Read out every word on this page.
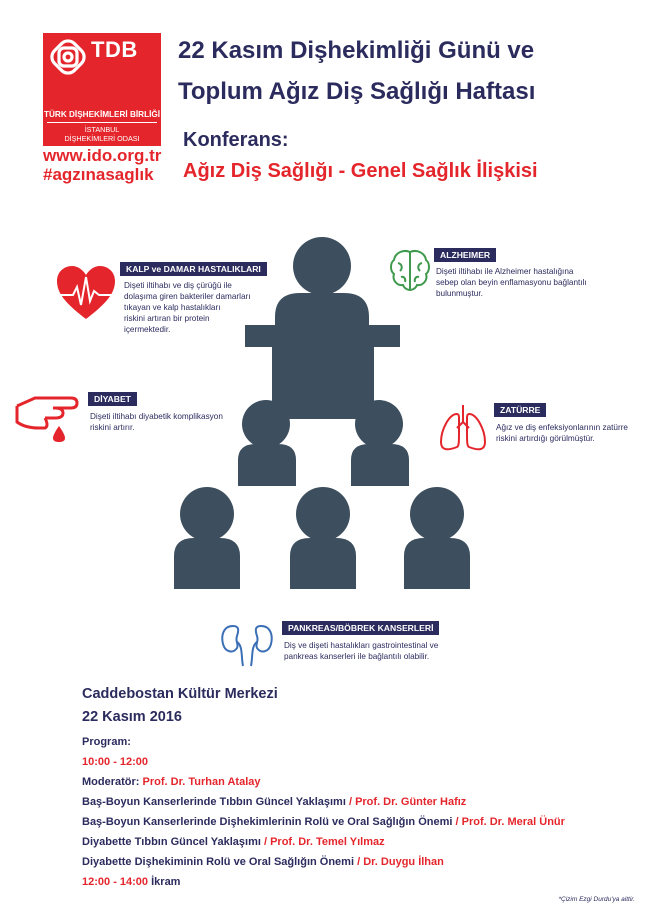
TDB
TÜRK DİŞHEKİMLERİ BİRLİĞİ
İSTANBUL
DİŞHEKİMLERİ ODASI
www.ido.org.tr
#agzınasaglık
22 Kasım Dişhekimliği Günü ve
Toplum Ağız Diş Sağlığı Haftası
Konferans:
Ağız Diş Sağlığı - Genel Sağlık İlişkisi
KALP ve DAMAR HASTALIKLARI
Dişeti iltihabı ve diş çürüğü ile
dolaşıma giren bakteriler damarları
tıkayan ve kalp hastalıkları
riskini artıran bir protein
içermektedir.
ALZHEIMER
Dişeti iltihabı ile Alzheimer hastalığına
sebep olan beyin enflamasyonu bağlantılı
bulunmuştur.
DİYABET
Dişeti iltihabı diyabetik komplikasyon
riskini artırır.
ZATÜRRE
Ağız ve diş enfeksiyonlarının zatürre
riskini artırdığı görülmüştür.
PANKREAS/BÖBREK KANSERLERİ
Diş ve dişeti hastalıkları gastrointestinal ve
pankreas kanserleri ile bağlantılı olabilir.
Caddebostan Kültür Merkezi
22 Kasım 2016
Program:
10:00 - 12:00
Moderatör: Prof. Dr. Turhan Atalay
Baş-Boyun Kanserlerinde Tıbbın Güncel Yaklaşımı / Prof. Dr. Günter Hafız
Baş-Boyun Kanserlerinde Dişhekimlerinin Rolü ve Oral Sağlığın Önemi / Prof. Dr. Meral Ünür
Diyabette Tıbbın Güncel Yaklaşımı / Prof. Dr. Temel Yılmaz
Diyabette Dişhekiminin Rolü ve Oral Sağlığın Önemi / Dr. Duygu İlhan
12:00 - 14:00 İkram
*Çizim Ezgi Durdu'ya aittir.
